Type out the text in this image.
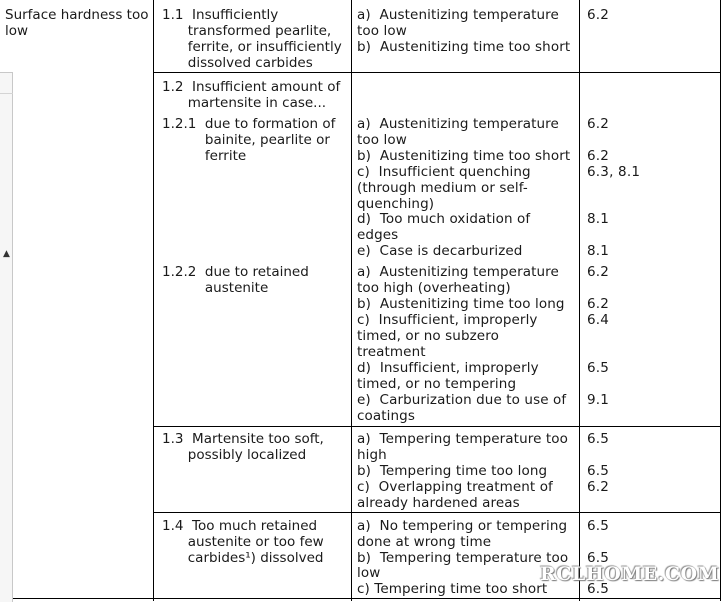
▲
Surface hardness too
low
1.1  Insufficiently
transformed pearlite,
ferrite, or insufficiently
dissolved carbides
a)  Austenitizing temperature
too low
b)  Austenitizing time too short
6.2
1.2  Insufficient amount of
martensite in case...
1.2.1  due to formation of
bainite, pearlite or
ferrite
a)  Austenitizing temperature
too low
b)  Austenitizing time too short
c)  Insufficient quenching
(through medium or self-
quenching)
d)  Too much oxidation of
edges
e)  Case is decarburized
6.2
6.2
6.3, 8.1
8.1
8.1
1.2.2  due to retained
austenite
a)  Austenitizing temperature
too high (overheating)
b)  Austenitizing time too long
c)  Insufficient, improperly
timed, or no subzero
treatment
d)  Insufficient, improperly
timed, or no tempering
e)  Carburization due to use of
coatings
6.2
6.2
6.4
6.5
9.1
1.3  Martensite too soft,
possibly localized
a)  Tempering temperature too
high
b)  Tempering time too long
c)  Overlapping treatment of
already hardened areas
6.5
6.5
6.2
1.4  Too much retained
austenite or too few
carbides¹) dissolved
a)  No tempering or tempering
done at wrong time
b)  Tempering temperature too
low
c) Tempering time too short
6.5
6.5
6.5
RCLHOME.COM
